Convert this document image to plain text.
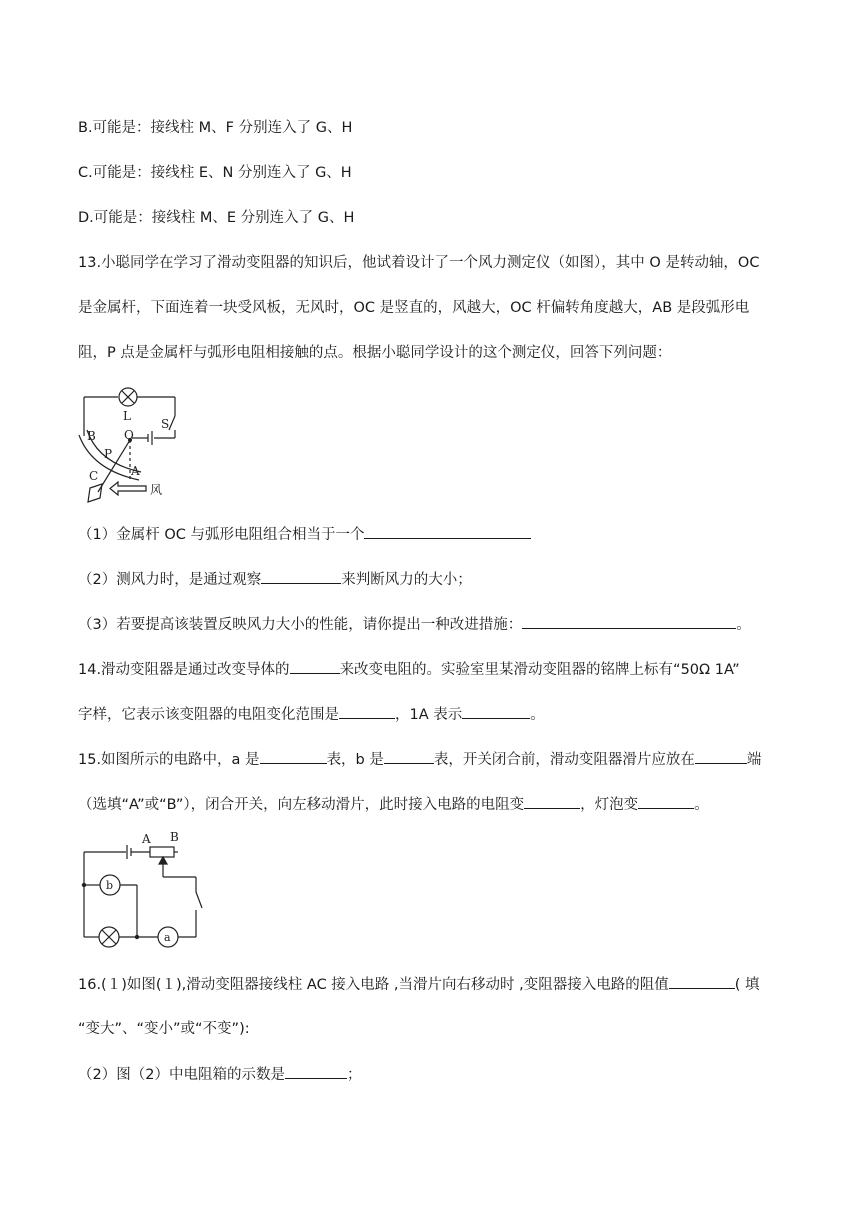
B.可能是：接线柱 M、F 分别连入了 G、H
C.可能是：接线柱 E、N 分别连入了 G、H
D.可能是：接线柱 M、E 分别连入了 G、H
13.小聪同学在学习了滑动变阻器的知识后，他试着设计了一个风力测定仪（如图），其中 O 是转动轴，OC
是金属杆，下面连着一块受风板，无风时，OC 是竖直的，风越大，OC 杆偏转角度越大，AB 是段弧形电
阻，P 点是金属杆与弧形电阻相接触的点。根据小聪同学设计的这个测定仪，回答下列问题：
L
S
B O
P
C	A
风
（1）金属杆 OC 与弧形电阻组合相当于一个
（2）测风力时，是通过观察	来判断风力的大小；
（3）若要提高该装置反映风力大小的性能，请你提出一种改进措施：	。
14.滑动变阻器是通过改变导体的	来改变电阻的。实验室里某滑动变阻器的铭牌上标有“50Ω 1A”
字样，它表示该变阻器的电阻变化范围是	，1A 表示	。
15.如图所示的电路中，a 是	表，b 是	表，开关闭合前，滑动变阻器滑片应放在	端
（选填“A”或“B”），闭合开关，向左移动滑片，此时接入电路的电阻变	，灯泡变	。
A B
b
a
16.(１)如图(１),滑动变阻器接线柱 AC 接入电路 ,当滑片向右移动时 ,变阻器接入电路的阻值	( 填
“变大”、“变小”或“不变”):
（2）图（2）中电阻箱的示数是	；
